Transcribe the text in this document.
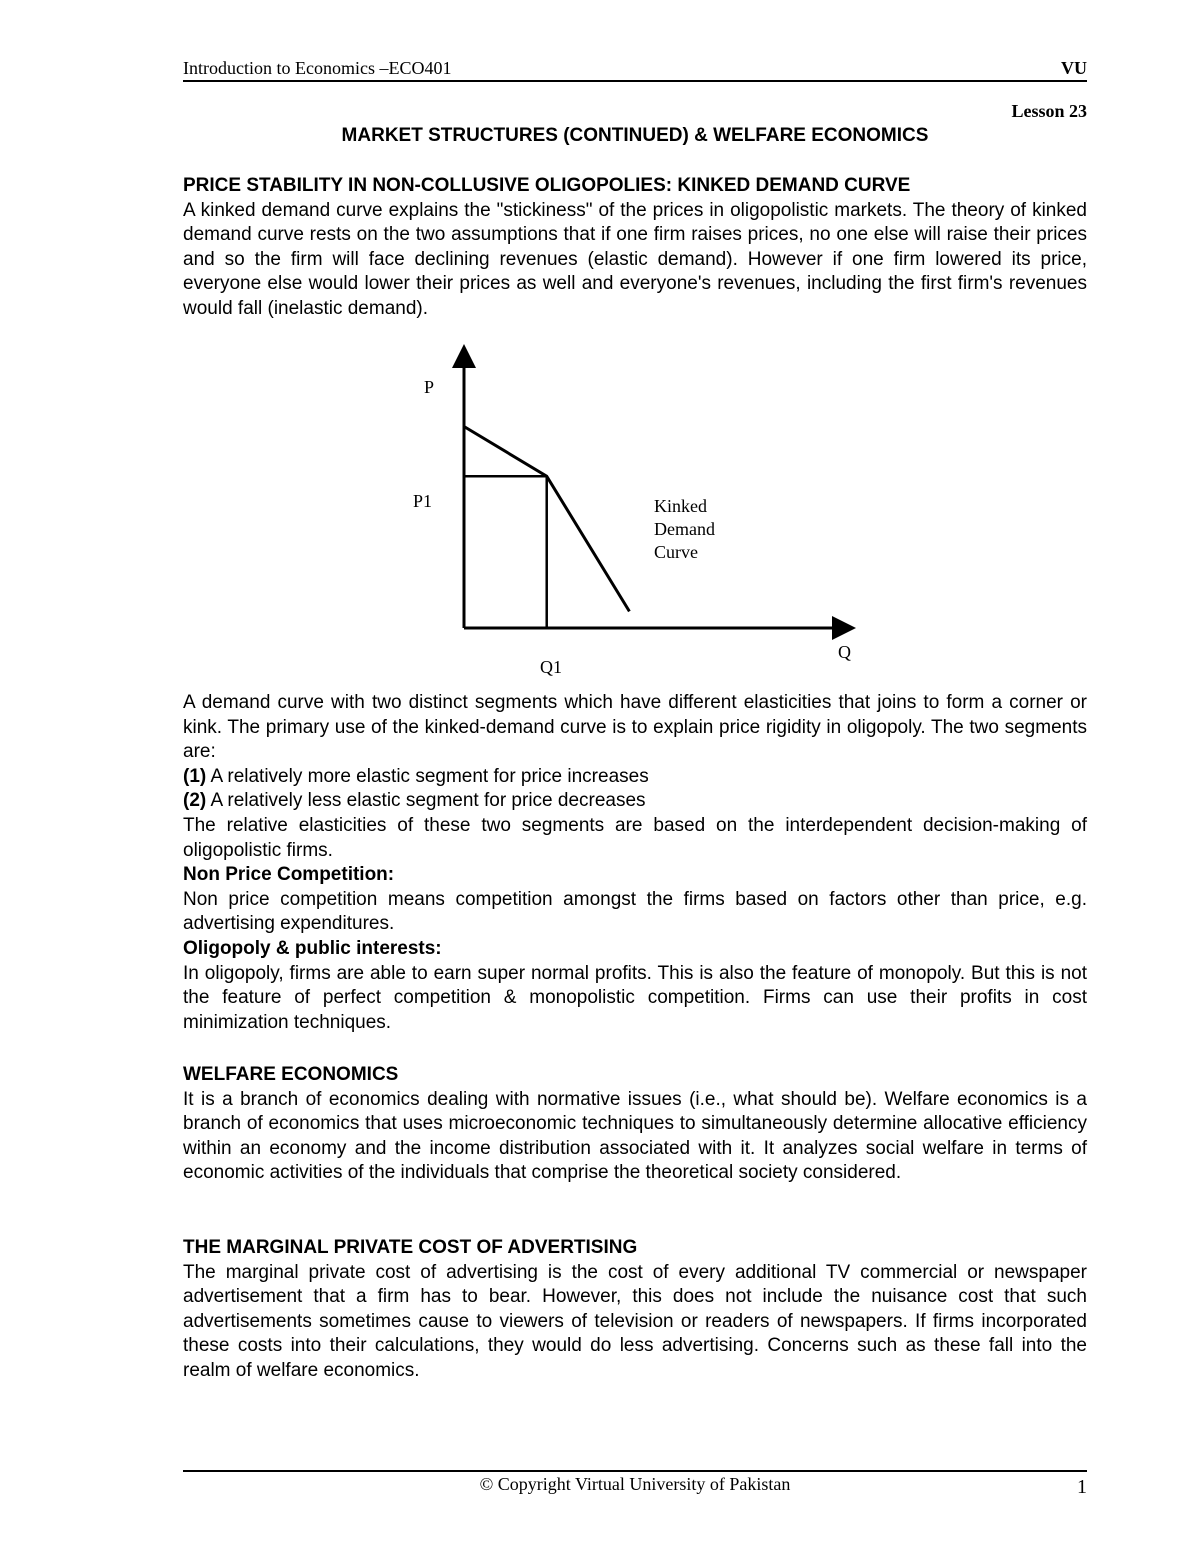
Introduction to Economics –ECO401	VU
Lesson 23
MARKET STRUCTURES (CONTINUED) & WELFARE ECONOMICS

PRICE STABILITY IN NON-COLLUSIVE OLIGOPOLIES: KINKED DEMAND CURVE

A kinked demand curve explains the "stickiness" of the prices in oligopolistic markets. The theory of kinked demand curve rests on the two assumptions that if one firm raises prices, no one else will raise their prices and so the firm will face declining revenues (elastic demand). However if one firm lowered its price, everyone else would lower their prices as well and everyone's revenues, including the first firm's revenues would fall (inelastic demand).

P
P1
Q1
Q
Kinked
Demand
Curve

A demand curve with two distinct segments which have different elasticities that joins to form a corner or kink. The primary use of the kinked-demand curve is to explain price rigidity in oligopoly. The two segments are:

(1) A relatively more elastic segment for price increases

(2) A relatively less elastic segment for price decreases

The relative elasticities of these two segments are based on the interdependent decision-making of oligopolistic firms.

Non Price Competition:

Non price competition means competition amongst the firms based on factors other than price, e.g. advertising expenditures.

Oligopoly & public interests:

In oligopoly, firms are able to earn super normal profits. This is also the feature of monopoly. But this is not the feature of perfect competition & monopolistic competition. Firms can use their profits in cost minimization techniques.

WELFARE ECONOMICS

It is a branch of economics dealing with normative issues (i.e., what should be). Welfare economics is a branch of economics that uses microeconomic techniques to simultaneously determine allocative efficiency within an economy and the income distribution associated with it. It analyzes social welfare in terms of economic activities of the individuals that comprise the theoretical society considered.

THE MARGINAL PRIVATE COST OF ADVERTISING

The marginal private cost of advertising is the cost of every additional TV commercial or newspaper advertisement that a firm has to bear. However, this does not include the nuisance cost that such advertisements sometimes cause to viewers of television or readers of newspapers. If firms incorporated these costs into their calculations, they would do less advertising. Concerns such as these fall into the realm of welfare economics.

© Copyright Virtual University of Pakistan	1
